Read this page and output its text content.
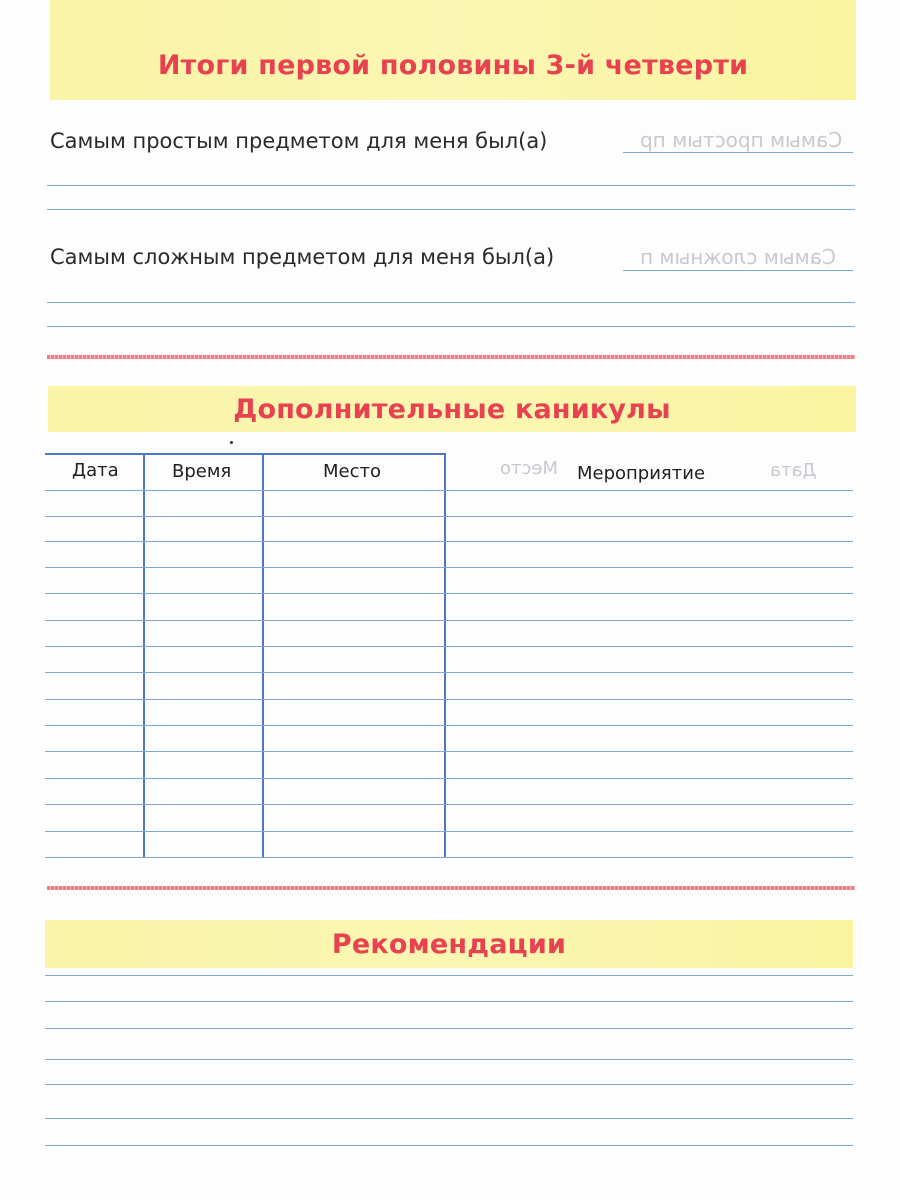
Самым простым пр
Самым сложным п
Место	Дата
Итоги первой половины 3-й четверти
Самым простым предметом для меня был(а)
Самым сложным предметом для меня был(а)
Дополнительные каникулы
Дата	Время	Место	Мероприятие
Рекомендации
